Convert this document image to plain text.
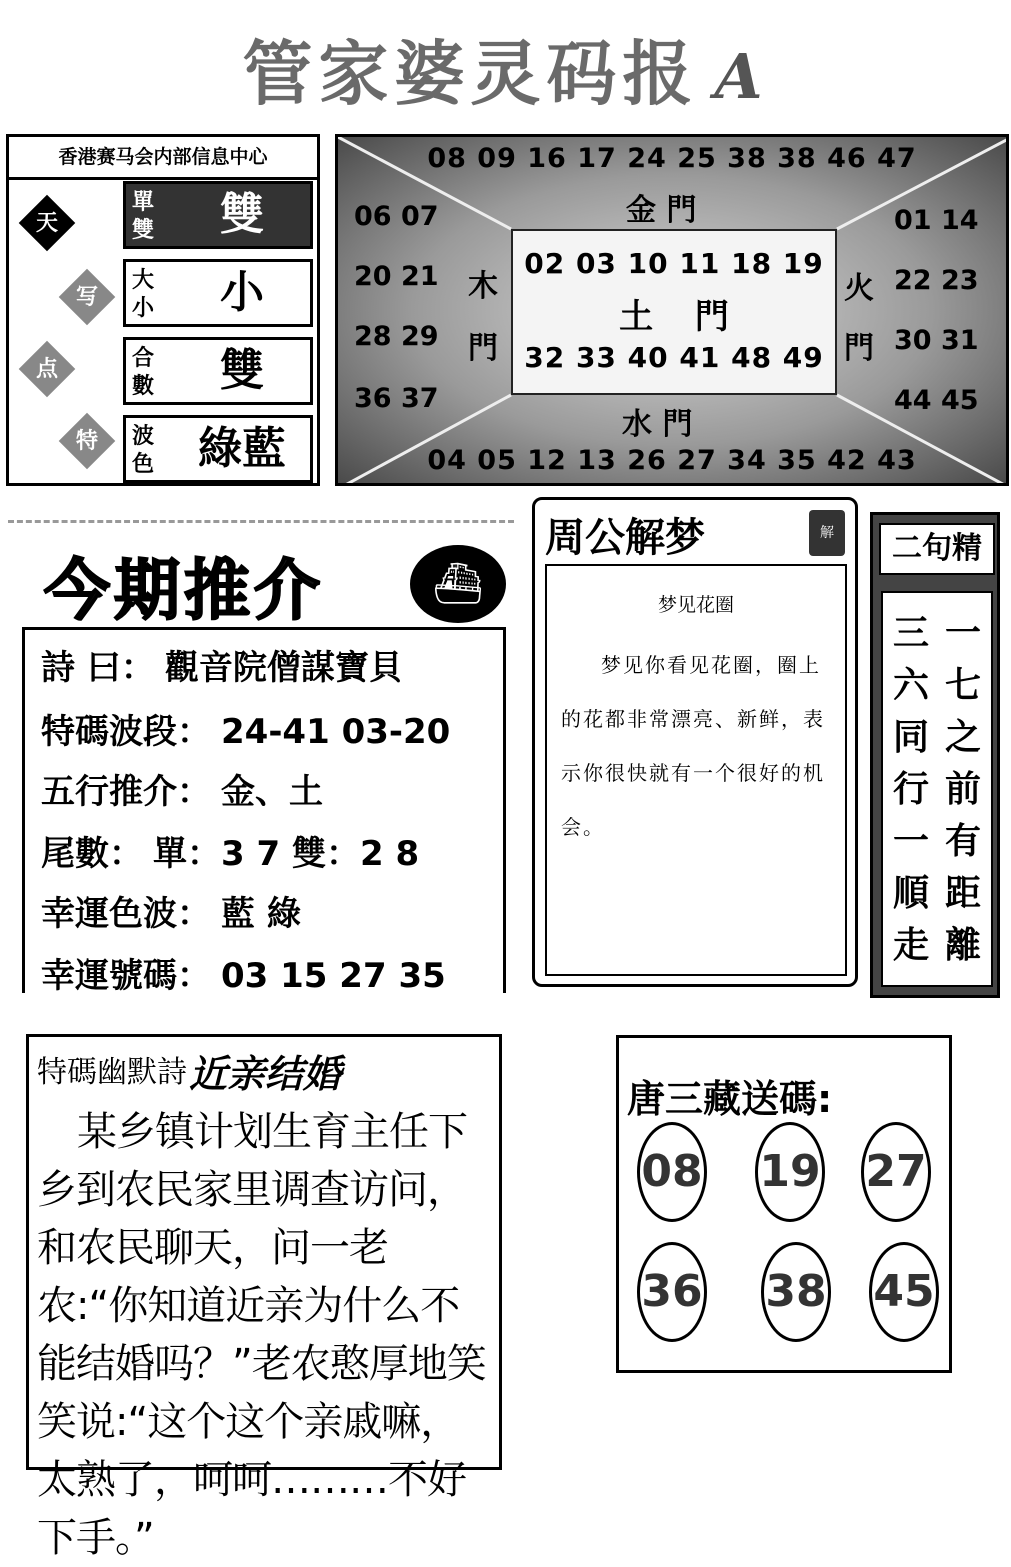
管家婆灵码报 A
香港赛马会内部信息中心
天
写
点
特
單雙	雙
大小	小
合數	雙
波色 綠藍
08 09 16 17 24 25 38 38 46 47
金 門
06 07
20 21
28 29
36 37
木
門
01 14
22 23
30 31
44 45
火
門
02 03 10 11 18 19
土 門
32 33 40 41 48 49
水 門
04 05 12 13 26 27 34 35 42 43
今期推介	⛴
詩 曰： 觀音院僧謀寶貝
特碼波段： 24-41 03-20
五行推介： 金、土
尾數： 單：3 7 雙：2 8
幸運色波： 藍 綠
幸運號碼： 03 15 27 35
周公解梦	解
梦见花圈
梦见你看见花圈，圈上的花都非常漂亮、新鲜，表示你很快就有一个很好的机会。
二句精
一七之前有距離
三六同行一順走
特碼幽默詩 近亲结婚
某乡镇计划生育主任下乡到农民家里调查访问，和农民聊天，问一老农:“你知道近亲为什么不能结婚吗？”老农憨厚地笑笑说:“这个这个亲戚嘛，太熟了，呵呵………不好下手。”
唐三藏送碼:
08 19 27
36 38 45
